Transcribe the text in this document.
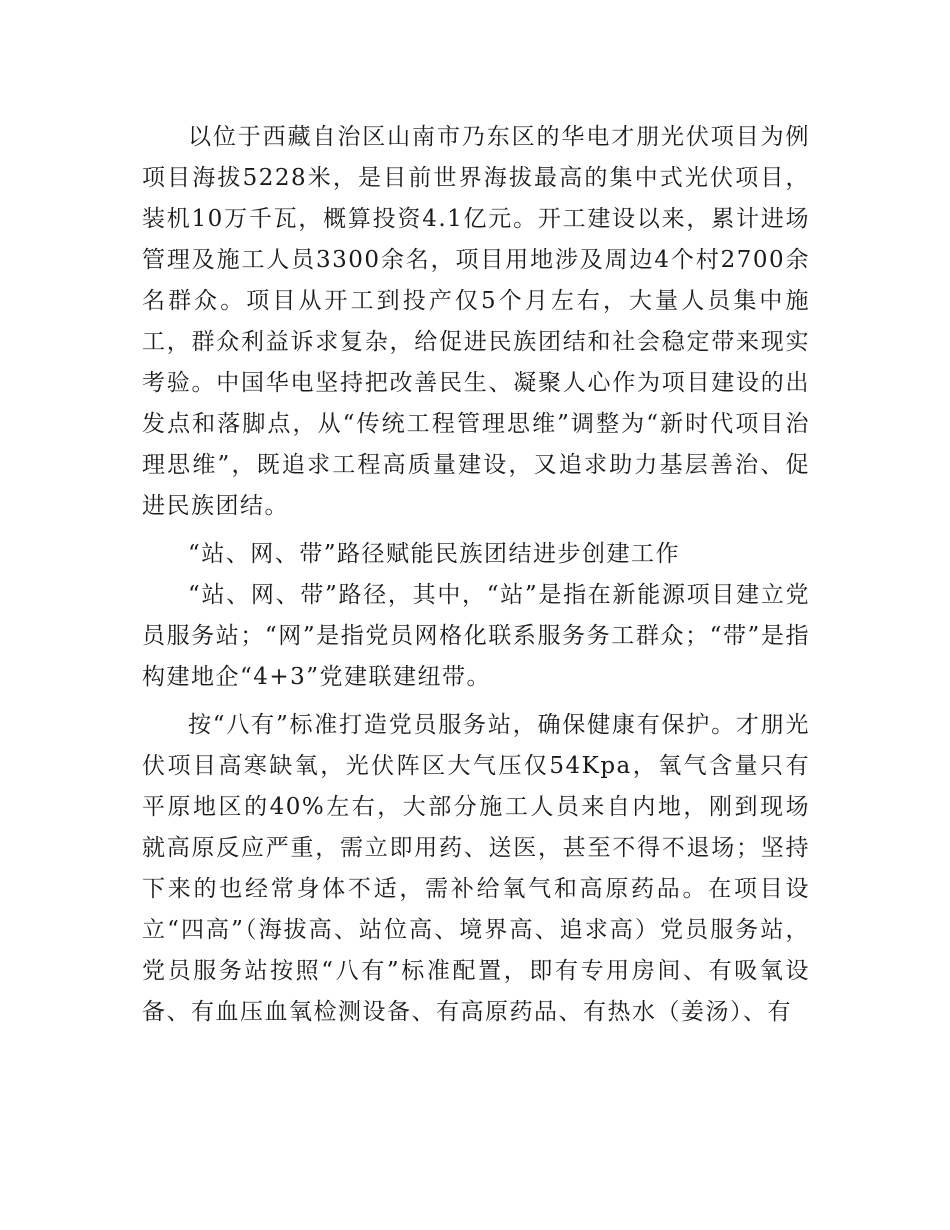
以位于西藏自治区山南市乃东区的华电才朋光伏项目为例项目海拔5228米，是目前世界海拔最高的集中式光伏项目，装机10万千瓦，概算投资4.1亿元。开工建设以来，累计进场管理及施工人员3300余名，项目用地涉及周边4个村2700余名群众。项目从开工到投产仅5个月左右，大量人员集中施工，群众利益诉求复杂，给促进民族团结和社会稳定带来现实考验。中国华电坚持把改善民生、凝聚人心作为项目建设的出发点和落脚点，从“传统工程管理思维”调整为“新时代项目治理思维”，既追求工程高质量建设，又追求助力基层善治、促进民族团结。

“站、网、带”路径赋能民族团结进步创建工作

“站、网、带”路径，其中，“站”是指在新能源项目建立党员服务站；“网”是指党员网格化联系服务务工群众；“带”是指构建地企“4+3”党建联建纽带。

按“八有”标准打造党员服务站，确保健康有保护。才朋光伏项目高寒缺氧，光伏阵区大气压仅54Kpa，氧气含量只有平原地区的40%左右，大部分施工人员来自内地，刚到现场就高原反应严重，需立即用药、送医，甚至不得不退场；坚持下来的也经常身体不适，需补给氧气和高原药品。在项目设立“四高”（海拔高、站位高、境界高、追求高）党员服务站，党员服务站按照“八有”标准配置，即有专用房间、有吸氧设备、有血压血氧检测设备、有高原药品、有热水（姜汤）、有
